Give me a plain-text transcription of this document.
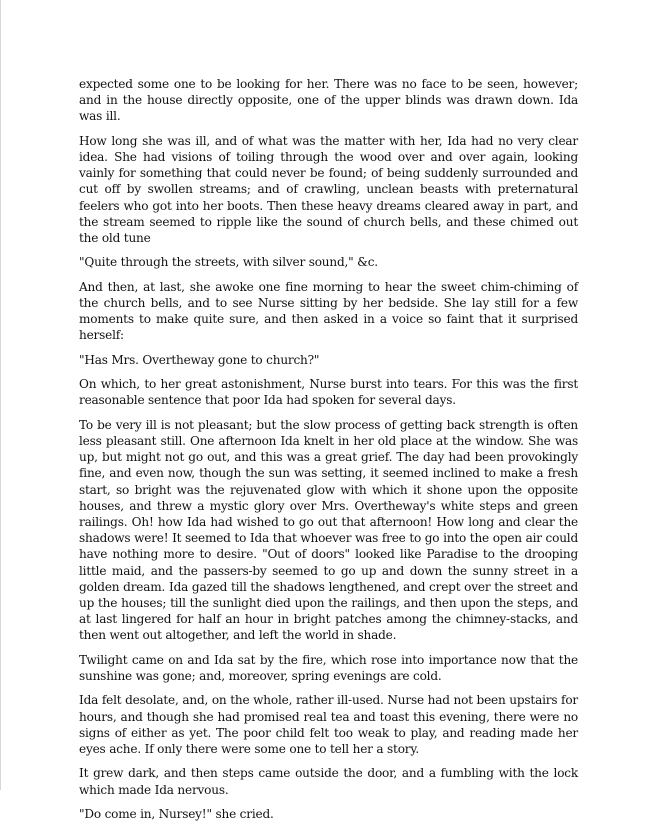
expected some one to be looking for her. There was no face to be seen, however; and in the house directly opposite, one of the upper blinds was drawn down. Ida was ill.

How long she was ill, and of what was the matter with her, Ida had no very clear idea. She had visions of toiling through the wood over and over again, looking vainly for something that could never be found; of being suddenly surrounded and cut off by swollen streams; and of crawling, unclean beasts with preternatural feelers who got into her boots. Then these heavy dreams cleared away in part, and the stream seemed to ripple like the sound of church bells, and these chimed out the old tune

"Quite through the streets, with silver sound," &c.

And then, at last, she awoke one fine morning to hear the sweet chim-chiming of the church bells, and to see Nurse sitting by her bedside. She lay still for a few moments to make quite sure, and then asked in a voice so faint that it surprised herself:

"Has Mrs. Overtheway gone to church?"

On which, to her great astonishment, Nurse burst into tears. For this was the first reasonable sentence that poor Ida had spoken for several days.

To be very ill is not pleasant; but the slow process of getting back strength is often less pleasant still. One afternoon Ida knelt in her old place at the window. She was up, but might not go out, and this was a great grief. The day had been provokingly fine, and even now, though the sun was setting, it seemed inclined to make a fresh start, so bright was the rejuvenated glow with which it shone upon the opposite houses, and threw a mystic glory over Mrs. Overtheway's white steps and green railings. Oh! how Ida had wished to go out that afternoon! How long and clear the shadows were! It seemed to Ida that whoever was free to go into the open air could have nothing more to desire. "Out of doors" looked like Paradise to the drooping little maid, and the passers-by seemed to go up and down the sunny street in a golden dream. Ida gazed till the shadows lengthened, and crept over the street and up the houses; till the sunlight died upon the railings, and then upon the steps, and at last lingered for half an hour in bright patches among the chimney-stacks, and then went out altogether, and left the world in shade.

Twilight came on and Ida sat by the fire, which rose into importance now that the sunshine was gone; and, moreover, spring evenings are cold.

Ida felt desolate, and, on the whole, rather ill-used. Nurse had not been upstairs for hours, and though she had promised real tea and toast this evening, there were no signs of either as yet. The poor child felt too weak to play, and reading made her eyes ache. If only there were some one to tell her a story.

It grew dark, and then steps came outside the door, and a fumbling with the lock which made Ida nervous.

"Do come in, Nursey!" she cried.
